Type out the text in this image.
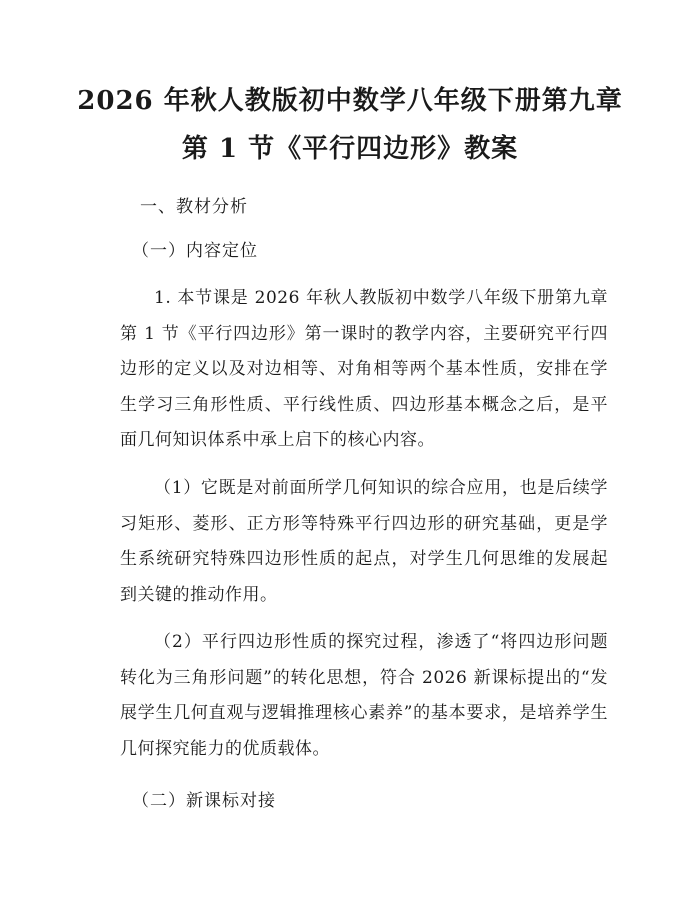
2026 年秋人教版初中数学八年级下册第九章
第 1 节《平行四边形》教案
一、教材分析
（一）内容定位

1. 本节课是 2026 年秋人教版初中数学八年级下册第九章第 1 节《平行四边形》第一课时的教学内容，主要研究平行四边形的定义以及对边相等、对角相等两个基本性质，安排在学生学习三角形性质、平行线性质、四边形基本概念之后，是平面几何知识体系中承上启下的核心内容。

（1）它既是对前面所学几何知识的综合应用，也是后续学习矩形、菱形、正方形等特殊平行四边形的研究基础，更是学生系统研究特殊四边形性质的起点，对学生几何思维的发展起到关键的推动作用。

（2）平行四边形性质的探究过程，渗透了“将四边形问题转化为三角形问题”的转化思想，符合 2026 新课标提出的“发展学生几何直观与逻辑推理核心素养”的基本要求，是培养学生几何探究能力的优质载体。

（二）新课标对接
